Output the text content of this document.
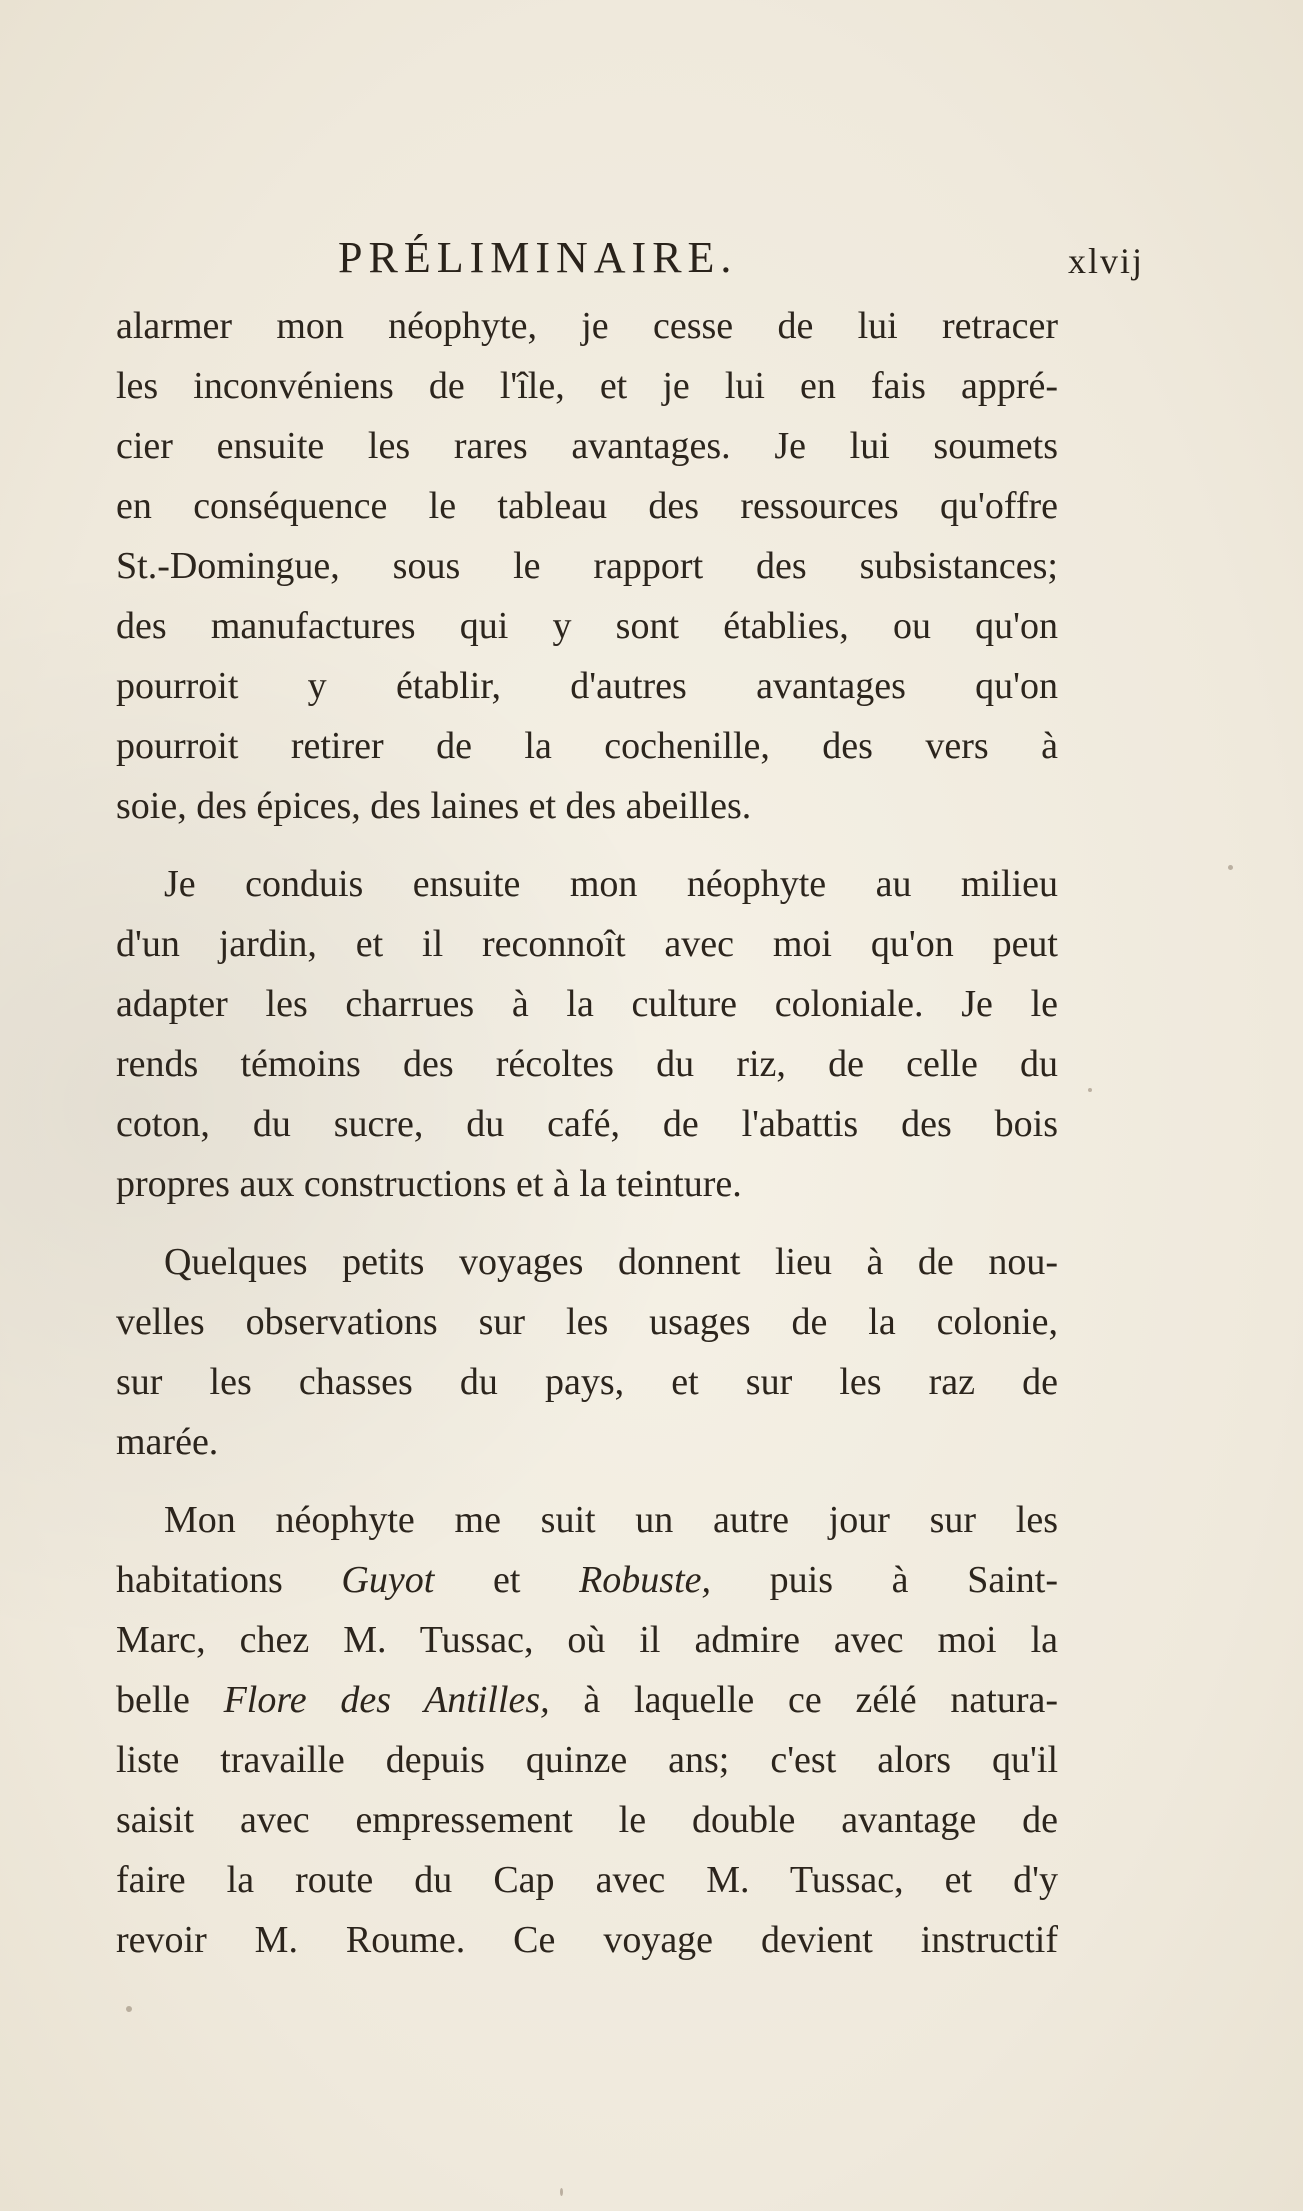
PRÉLIMINAIRE.	xlvij

alarmer mon néophyte, je cesse de lui retracer
les inconvéniens de l'île, et je lui en fais appré-
cier ensuite les rares avantages. Je lui soumets
en conséquence le tableau des ressources qu'offre
St.-Domingue, sous le rapport des subsistances;
des manufactures qui y sont établies, ou qu'on
pourroit y établir, d'autres avantages qu'on
pourroit retirer de la cochenille, des vers à
soie, des épices, des laines et des abeilles.

Je conduis ensuite mon néophyte au milieu
d'un jardin, et il reconnoît avec moi qu'on peut
adapter les charrues à la culture coloniale. Je le
rends témoins des récoltes du riz, de celle du
coton, du sucre, du café, de l'abattis des bois
propres aux constructions et à la teinture.

Quelques petits voyages donnent lieu à de nou-
velles observations sur les usages de la colonie,
sur les chasses du pays, et sur les raz de
marée.

Mon néophyte me suit un autre jour sur les
habitations Guyot et Robuste, puis à Saint-
Marc, chez M. Tussac, où il admire avec moi la
belle Flore des Antilles, à laquelle ce zélé natura-
liste travaille depuis quinze ans; c'est alors qu'il
saisit avec empressement le double avantage de
faire la route du Cap avec M. Tussac, et d'y
revoir M. Roume. Ce voyage devient instructif
